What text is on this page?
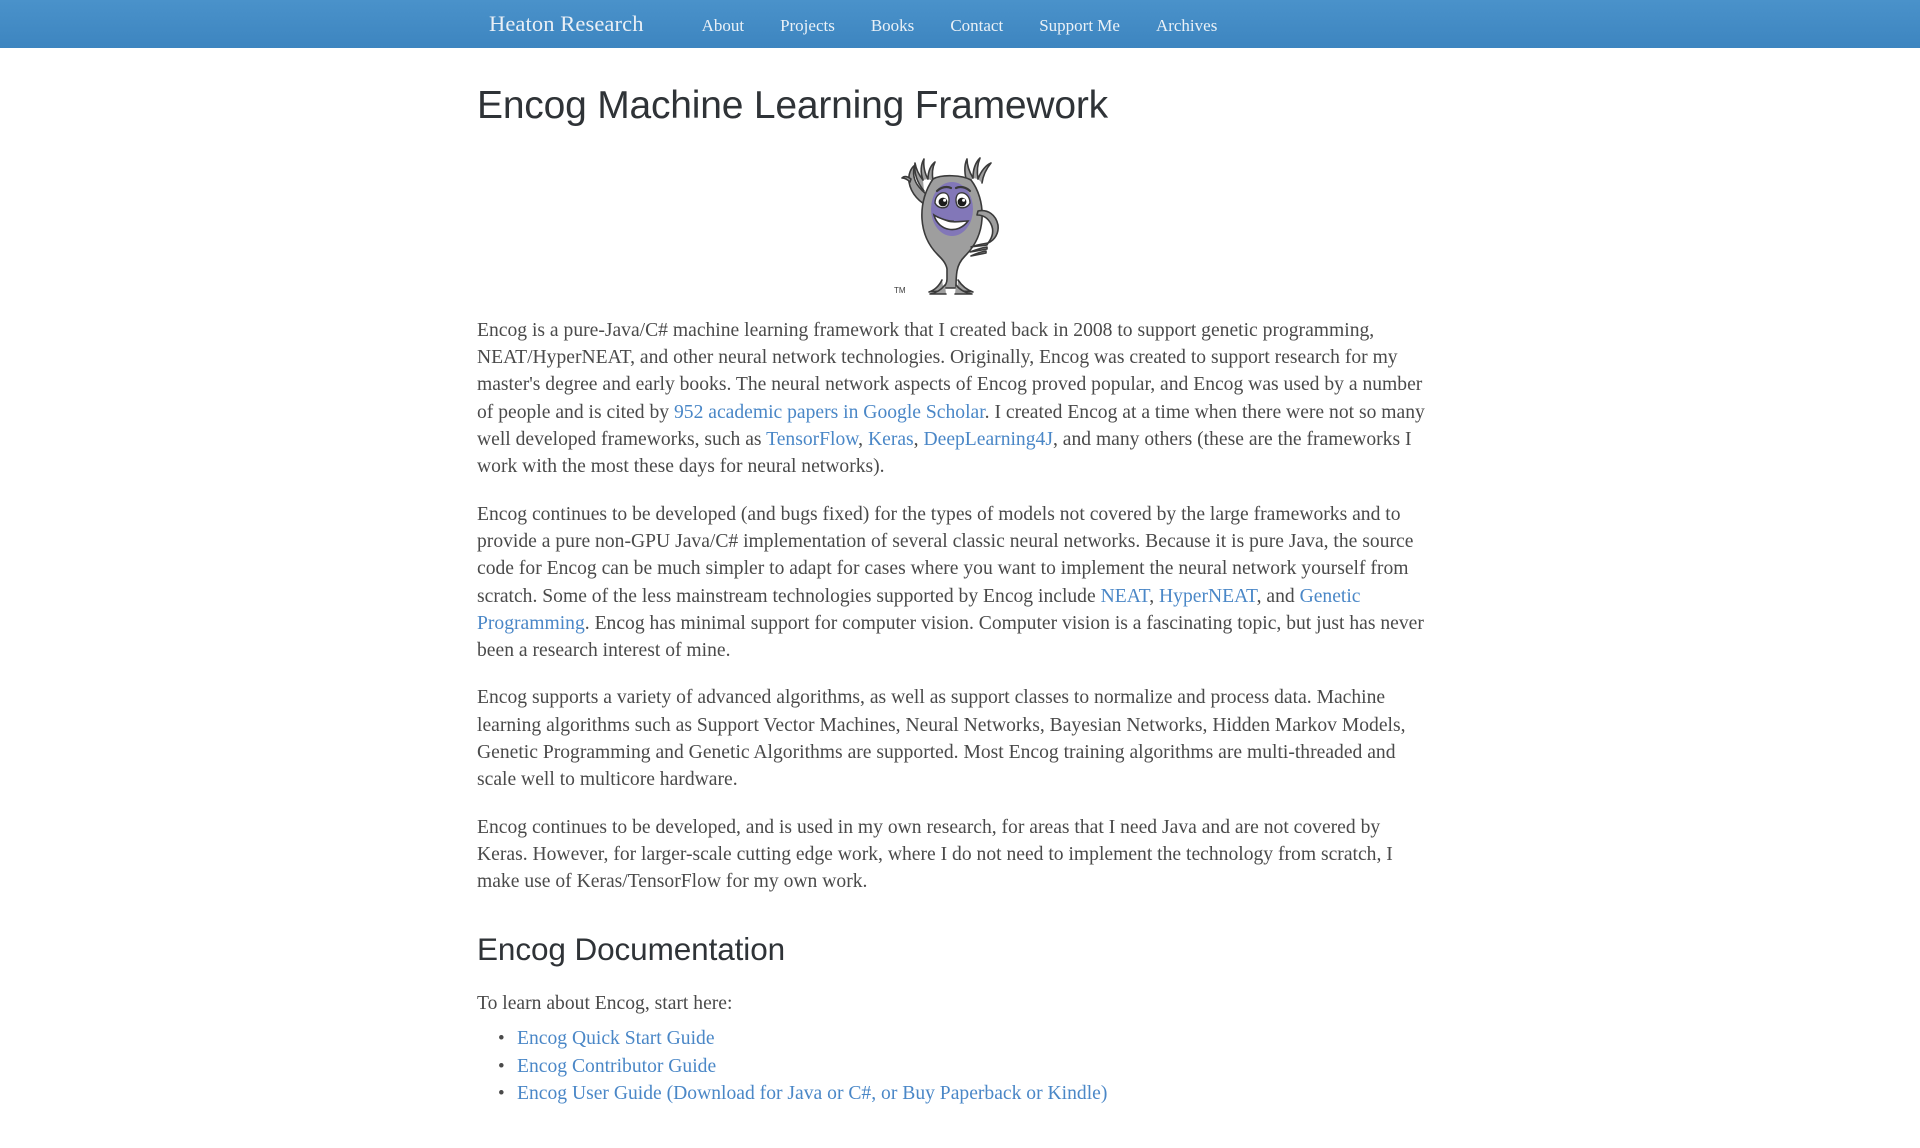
Heaton Research	About	Projects	Books	Contact	Support Me	Archives
Encog Machine Learning Framework
TM

Encog is a pure-Java/C# machine learning framework that I created back in 2008 to support genetic programming, NEAT/HyperNEAT, and other neural network technologies. Originally, Encog was created to support research for my master's degree and early books. The neural network aspects of Encog proved popular, and Encog was used by a number of people and is cited by 952 academic papers in Google Scholar. I created Encog at a time when there were not so many well developed frameworks, such as TensorFlow, Keras, DeepLearning4J, and many others (these are the frameworks I work with the most these days for neural networks).

Encog continues to be developed (and bugs fixed) for the types of models not covered by the large frameworks and to provide a pure non-GPU Java/C# implementation of several classic neural networks. Because it is pure Java, the source code for Encog can be much simpler to adapt for cases where you want to implement the neural network yourself from scratch. Some of the less mainstream technologies supported by Encog include NEAT, HyperNEAT, and Genetic Programming. Encog has minimal support for computer vision. Computer vision is a fascinating topic, but just has never been a research interest of mine.

Encog supports a variety of advanced algorithms, as well as support classes to normalize and process data. Machine learning algorithms such as Support Vector Machines, Neural Networks, Bayesian Networks, Hidden Markov Models, Genetic Programming and Genetic Algorithms are supported. Most Encog training algorithms are multi-threaded and scale well to multicore hardware.

Encog continues to be developed, and is used in my own research, for areas that I need Java and are not covered by Keras. However, for larger-scale cutting edge work, where I do not need to implement the technology from scratch, I make use of Keras/TensorFlow for my own work.

Encog Documentation

To learn about Encog, start here:

• Encog Quick Start Guide
• Encog Contributor Guide
• Encog User Guide (Download for Java or C#, or Buy Paperback or Kindle)
